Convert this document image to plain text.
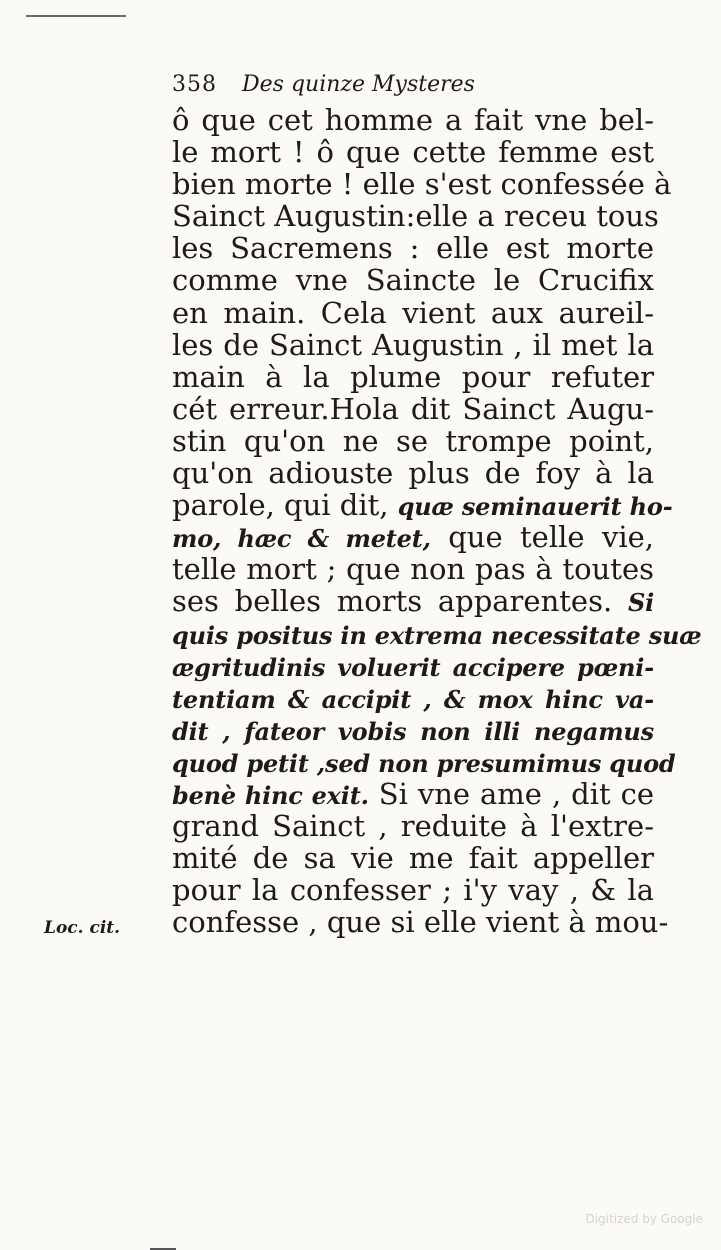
358 Des quinze Mysteres
ô que cet homme a fait vne bel-
le mort ! ô que cette femme est
bien morte ! elle s'est confessée à
Sainct Augustin:elle a receu tous
les Sacremens : elle est morte
comme vne Saincte le Crucifix
en main. Cela vient aux aureil-
les de Sainct Augustin , il met la
main à la plume pour refuter
cét erreur.Hola dit Sainct Augu-
stin qu'on ne se trompe point,
qu'on adiouste plus de foy à la
parole, qui dit, quæ seminauerit ho-
mo, hæc & metet, que telle vie,
telle mort ; que non pas à toutes
ses belles morts apparentes. Si
quis positus in extrema necessitate suæ
ægritudinis voluerit accipere pœni-
tentiam & accipit , & mox hinc va-
dit , fateor vobis non illi negamus
quod petit ,sed non presumimus quod
benè hinc exit. Si vne ame , dit ce
grand Sainct , reduite à l'extre-
mité de sa vie me fait appeller
pour la confesser ; i'y vay , & la
confesse , que si elle vient à mou-
Loc. cit.
Digitized by Google
